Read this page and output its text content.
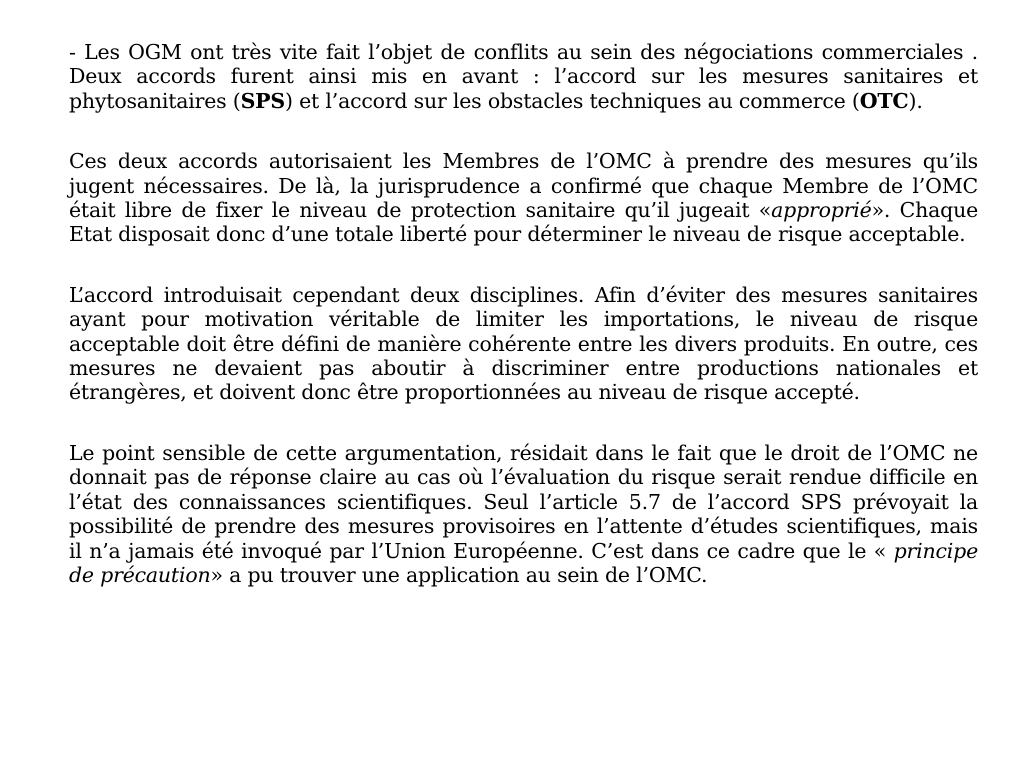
- Les OGM ont très vite fait l’objet de conflits au sein des négociations commerciales . Deux accords furent ainsi mis en avant : l’accord sur les mesures sanitaires et phytosanitaires (SPS) et l’accord sur les obstacles techniques au commerce (OTC).

Ces deux accords autorisaient les Membres de l’OMC à prendre des mesures qu’ils jugent nécessaires. De là, la jurisprudence a confirmé que chaque Membre de l’OMC était libre de fixer le niveau de protection sanitaire qu’il jugeait «approprié». Chaque Etat disposait donc d’une totale liberté pour déterminer le niveau de risque acceptable.

L’accord introduisait cependant deux disciplines. Afin d’éviter des mesures sanitaires ayant pour motivation véritable de limiter les importations, le niveau de risque acceptable doit être défini de manière cohérente entre les divers produits. En outre, ces mesures ne devaient pas aboutir à discriminer entre productions nationales et étrangères, et doivent donc être proportionnées au niveau de risque accepté.

Le point sensible de cette argumentation, résidait dans le fait que le droit de l’OMC ne donnait pas de réponse claire au cas où l’évaluation du risque serait rendue difficile en l’état des connaissances scientifiques. Seul l’article 5.7 de l’accord SPS prévoyait la possibilité de prendre des mesures provisoires en l’attente d’études scientifiques, mais il n’a jamais été invoqué par l’Union Européenne. C’est dans ce cadre que le « principe de précaution» a pu trouver une application au sein de l’OMC.
